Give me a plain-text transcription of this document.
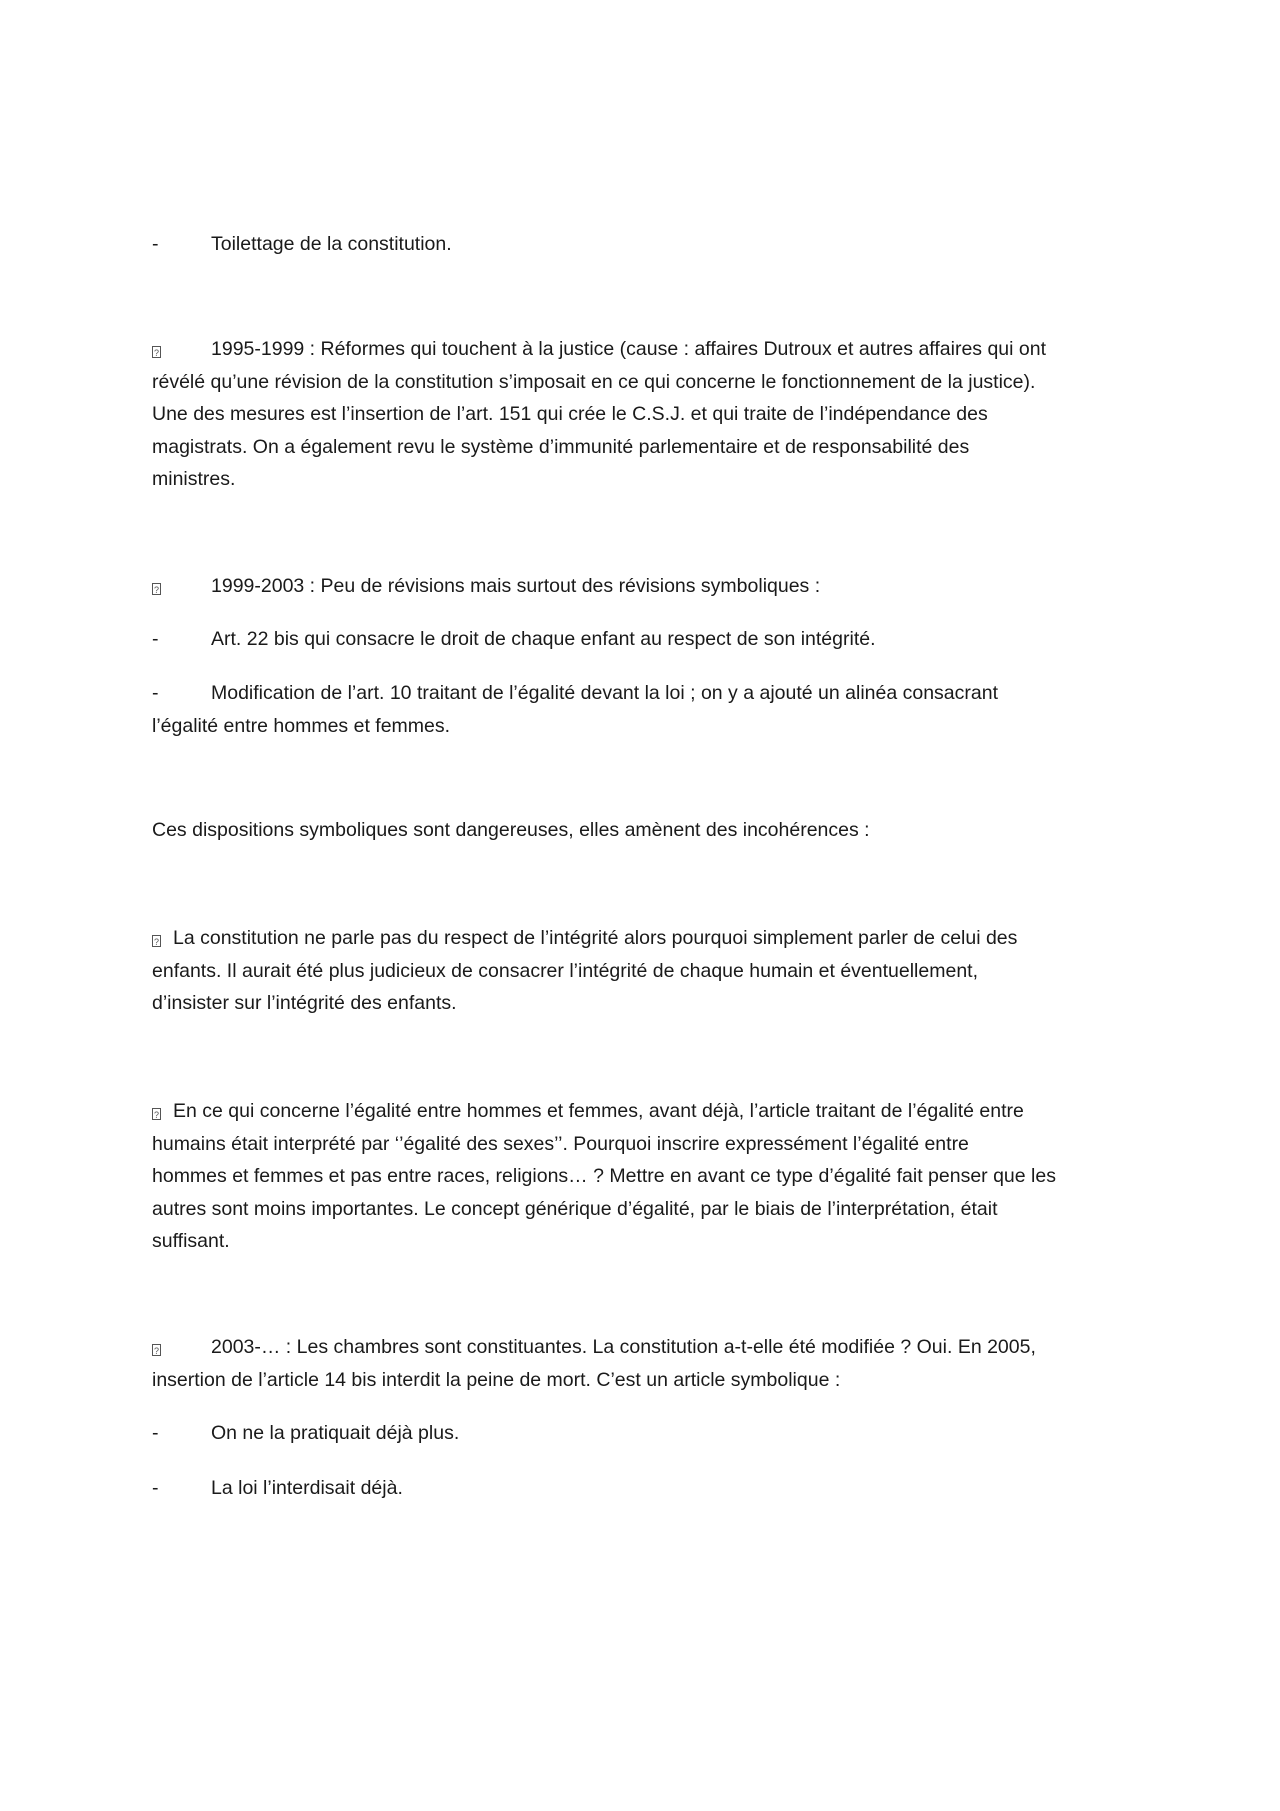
-	Toilettage de la constitution.

?	1995-1999 : Réformes qui touchent à la justice (cause : affaires Dutroux et autres affaires qui ont
révélé qu’une révision de la constitution s’imposait en ce qui concerne le fonctionnement de la justice).
Une des mesures est l’insertion de l’art. 151 qui crée le C.S.J. et qui traite de l’indépendance des
magistrats. On a également revu le système d’immunité parlementaire et de responsabilité des
ministres.

?	1999-2003 : Peu de révisions mais surtout des révisions symboliques :

-	Art. 22 bis qui consacre le droit de chaque enfant au respect de son intégrité.

-	Modification de l’art. 10 traitant de l’égalité devant la loi ; on y a ajouté un alinéa consacrant
l’égalité entre hommes et femmes.

Ces dispositions symboliques sont dangereuses, elles amènent des incohérences :

? La constitution ne parle pas du respect de l’intégrité alors pourquoi simplement parler de celui des
enfants. Il aurait été plus judicieux de consacrer l’intégrité de chaque humain et éventuellement,
d’insister sur l’intégrité des enfants.

? En ce qui concerne l’égalité entre hommes et femmes, avant déjà, l’article traitant de l’égalité entre
humains était interprété par ‘’égalité des sexes’’. Pourquoi inscrire expressément l’égalité entre
hommes et femmes et pas entre races, religions… ? Mettre en avant ce type d’égalité fait penser que les
autres sont moins importantes. Le concept générique d’égalité, par le biais de l’interprétation, était
suffisant.

?	2003-… : Les chambres sont constituantes. La constitution a-t-elle été modifiée ? Oui. En 2005,
insertion de l’article 14 bis interdit la peine de mort. C’est un article symbolique :

-	On ne la pratiquait déjà plus.

-	La loi l’interdisait déjà.
